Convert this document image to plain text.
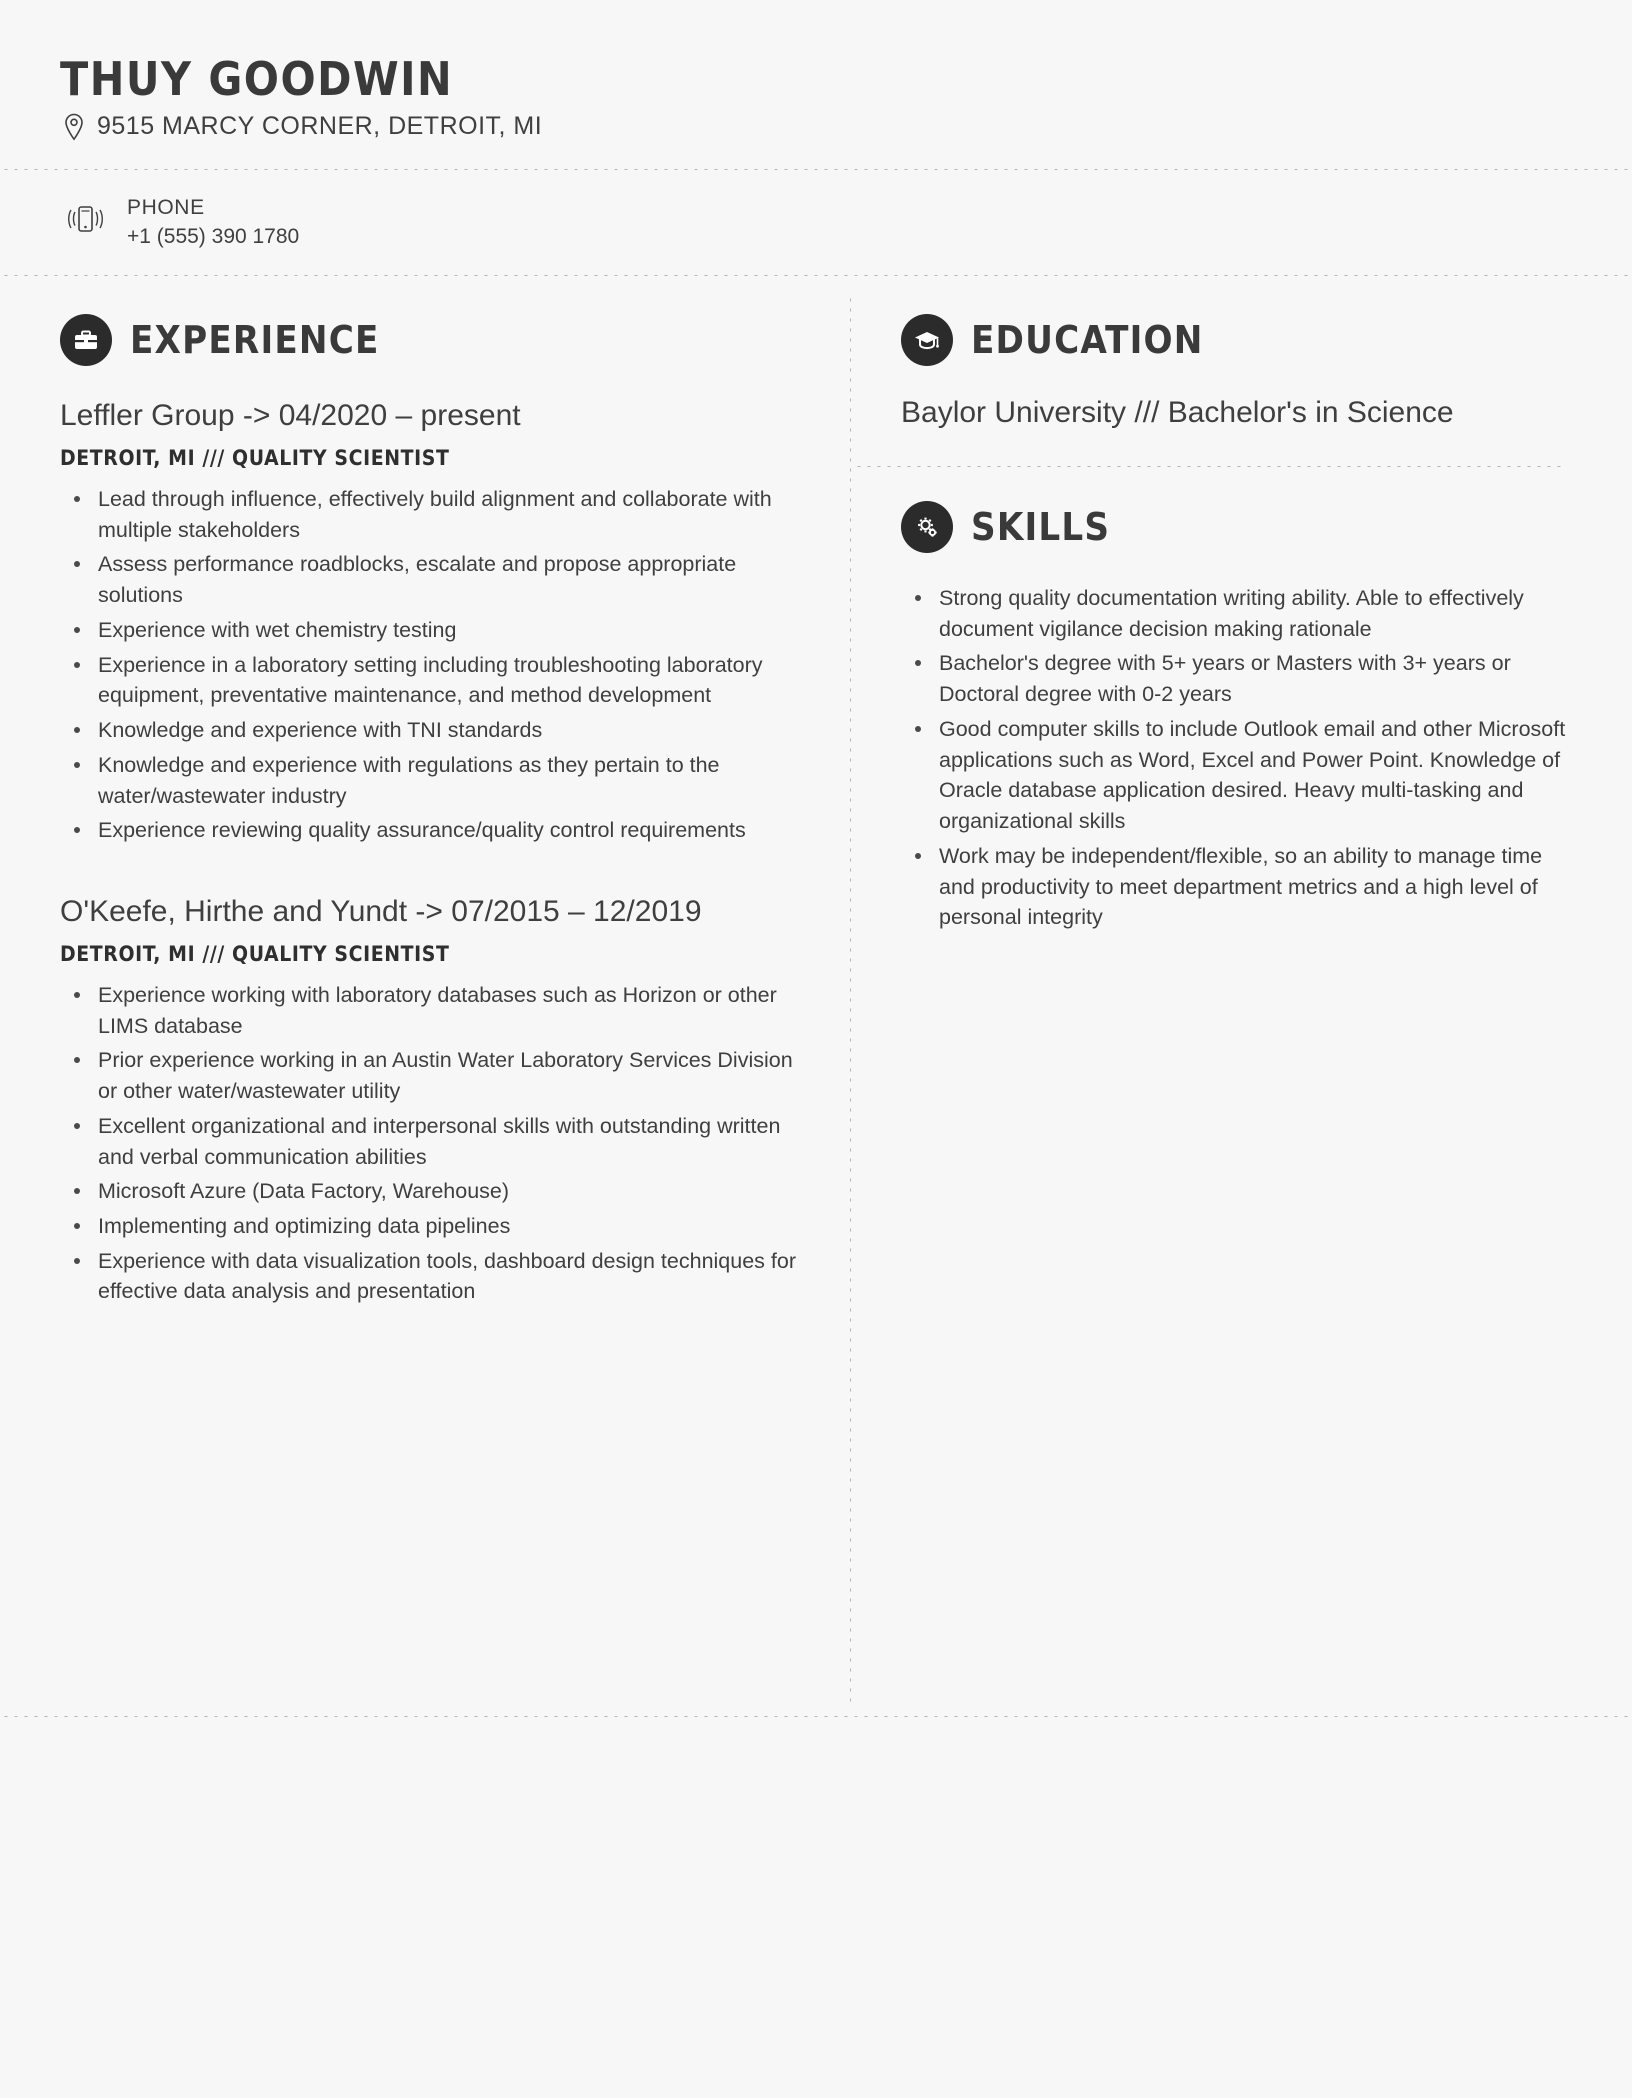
THUY GOODWIN
9515 MARCY CORNER, DETROIT, MI
PHONE
+1 (555) 390 1780
EXPERIENCE
Leffler Group -> 04/2020 – present
DETROIT, MI /// QUALITY SCIENTIST
Lead through influence, effectively build alignment and collaborate with multiple stakeholders
Assess performance roadblocks, escalate and propose appropriate solutions
Experience with wet chemistry testing
Experience in a laboratory setting including troubleshooting laboratory equipment, preventative maintenance, and method development
Knowledge and experience with TNI standards
Knowledge and experience with regulations as they pertain to the water/wastewater industry
Experience reviewing quality assurance/quality control requirements
O'Keefe, Hirthe and Yundt -> 07/2015 – 12/2019
DETROIT, MI /// QUALITY SCIENTIST
Experience working with laboratory databases such as Horizon or other LIMS database
Prior experience working in an Austin Water Laboratory Services Division or other water/wastewater utility
Excellent organizational and interpersonal skills with outstanding written and verbal communication abilities
Microsoft Azure (Data Factory, Warehouse)
Implementing and optimizing data pipelines
Experience with data visualization tools, dashboard design techniques for effective data analysis and presentation
EDUCATION
Baylor University /// Bachelor's in Science
SKILLS
Strong quality documentation writing ability. Able to effectively document vigilance decision making rationale
Bachelor's degree with 5+ years or Masters with 3+ years or Doctoral degree with 0-2 years
Good computer skills to include Outlook email and other Microsoft applications such as Word, Excel and Power Point. Knowledge of Oracle database application desired. Heavy multi-tasking and organizational skills
Work may be independent/flexible, so an ability to manage time and productivity to meet department metrics and a high level of personal integrity
